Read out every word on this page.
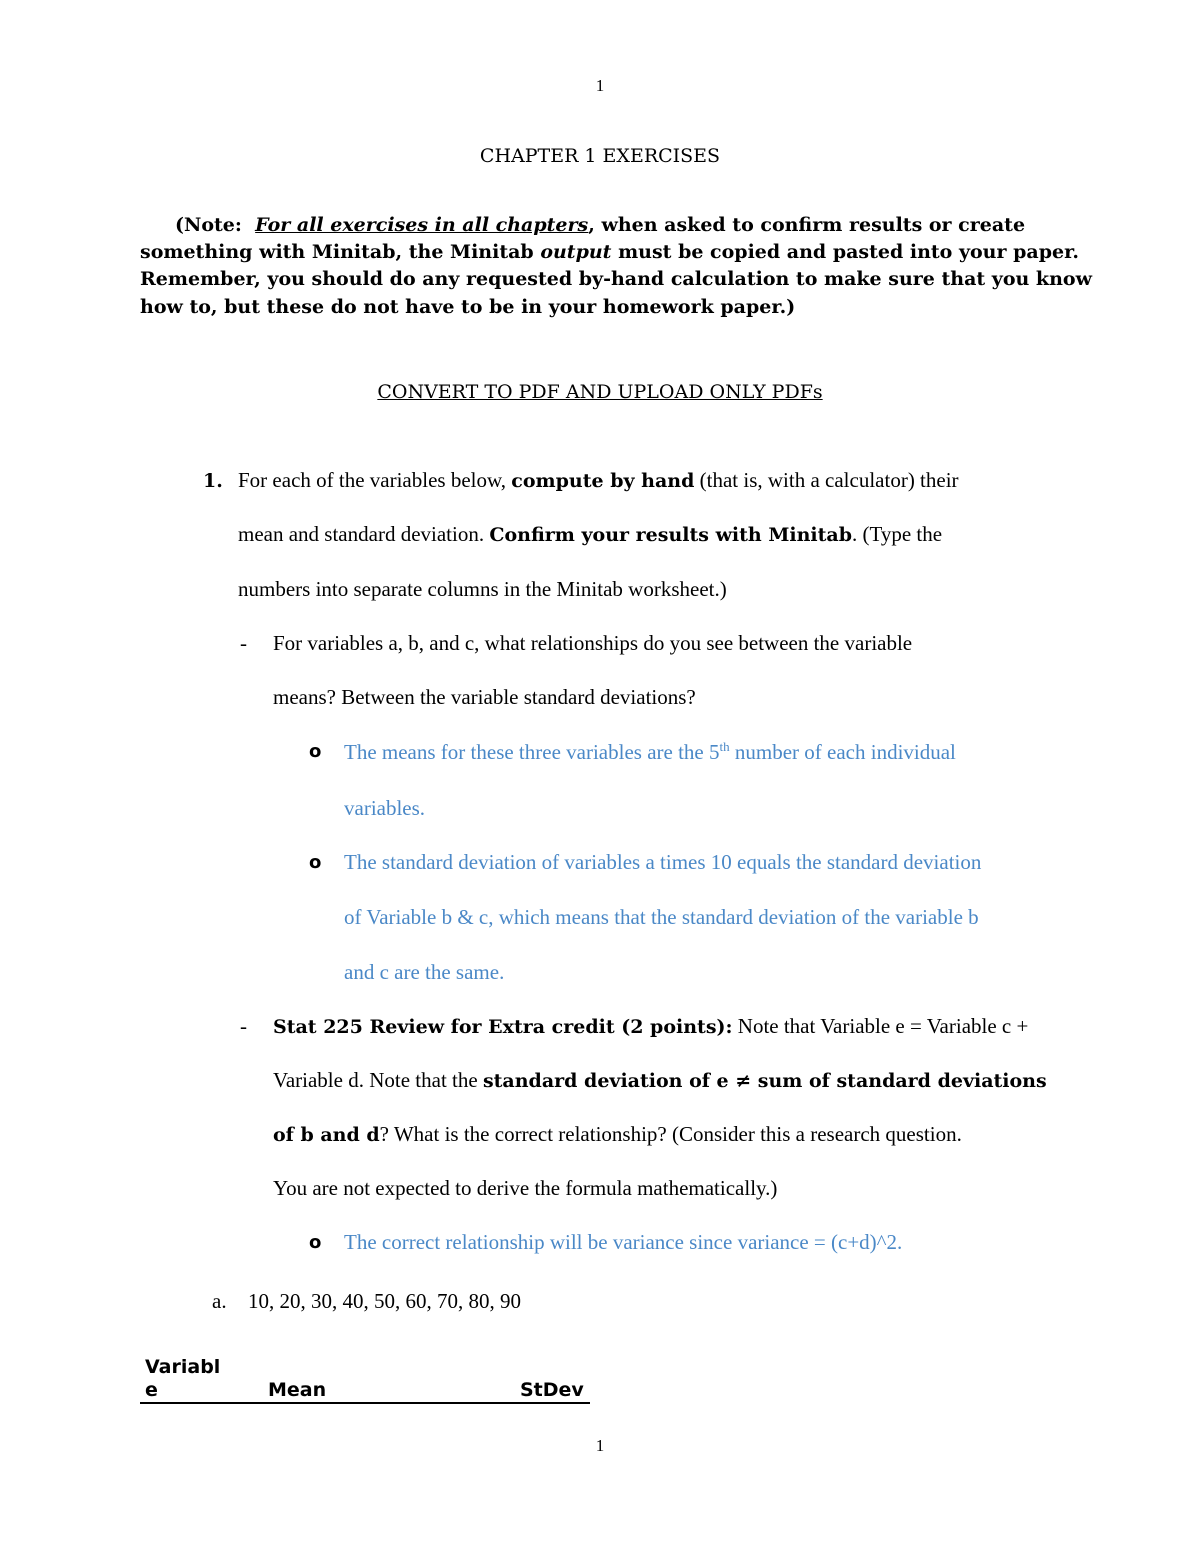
1
CHAPTER 1 EXERCISES
(Note: For all exercises in all chapters, when asked to confirm results or create
something with Minitab, the Minitab output must be copied and pasted into your paper.
Remember, you should do any requested by-hand calculation to make sure that you know
how to, but these do not have to be in your homework paper.)
CONVERT TO PDF AND UPLOAD ONLY PDFs
1. For each of the variables below, compute by hand (that is, with a calculator) their
mean and standard deviation. Confirm your results with Minitab. (Type the
numbers into separate columns in the Minitab worksheet.)
- For variables a, b, and c, what relationships do you see between the variable
means? Between the variable standard deviations?
o The means for these three variables are the 5th number of each individual
variables.
o The standard deviation of variables a times 10 equals the standard deviation
of Variable b & c, which means that the standard deviation of the variable b
and c are the same.
- Stat 225 Review for Extra credit (2 points): Note that Variable e = Variable c +
Variable d. Note that the standard deviation of e ≠ sum of standard deviations
of b and d? What is the correct relationship? (Consider this a research question.
You are not expected to derive the formula mathematically.)
o The correct relationship will be variance since variance = (c+d)^2.
a. 10, 20, 30, 40, 50, 60, 70, 80, 90
Variabl
e	Mean	StDev
1
